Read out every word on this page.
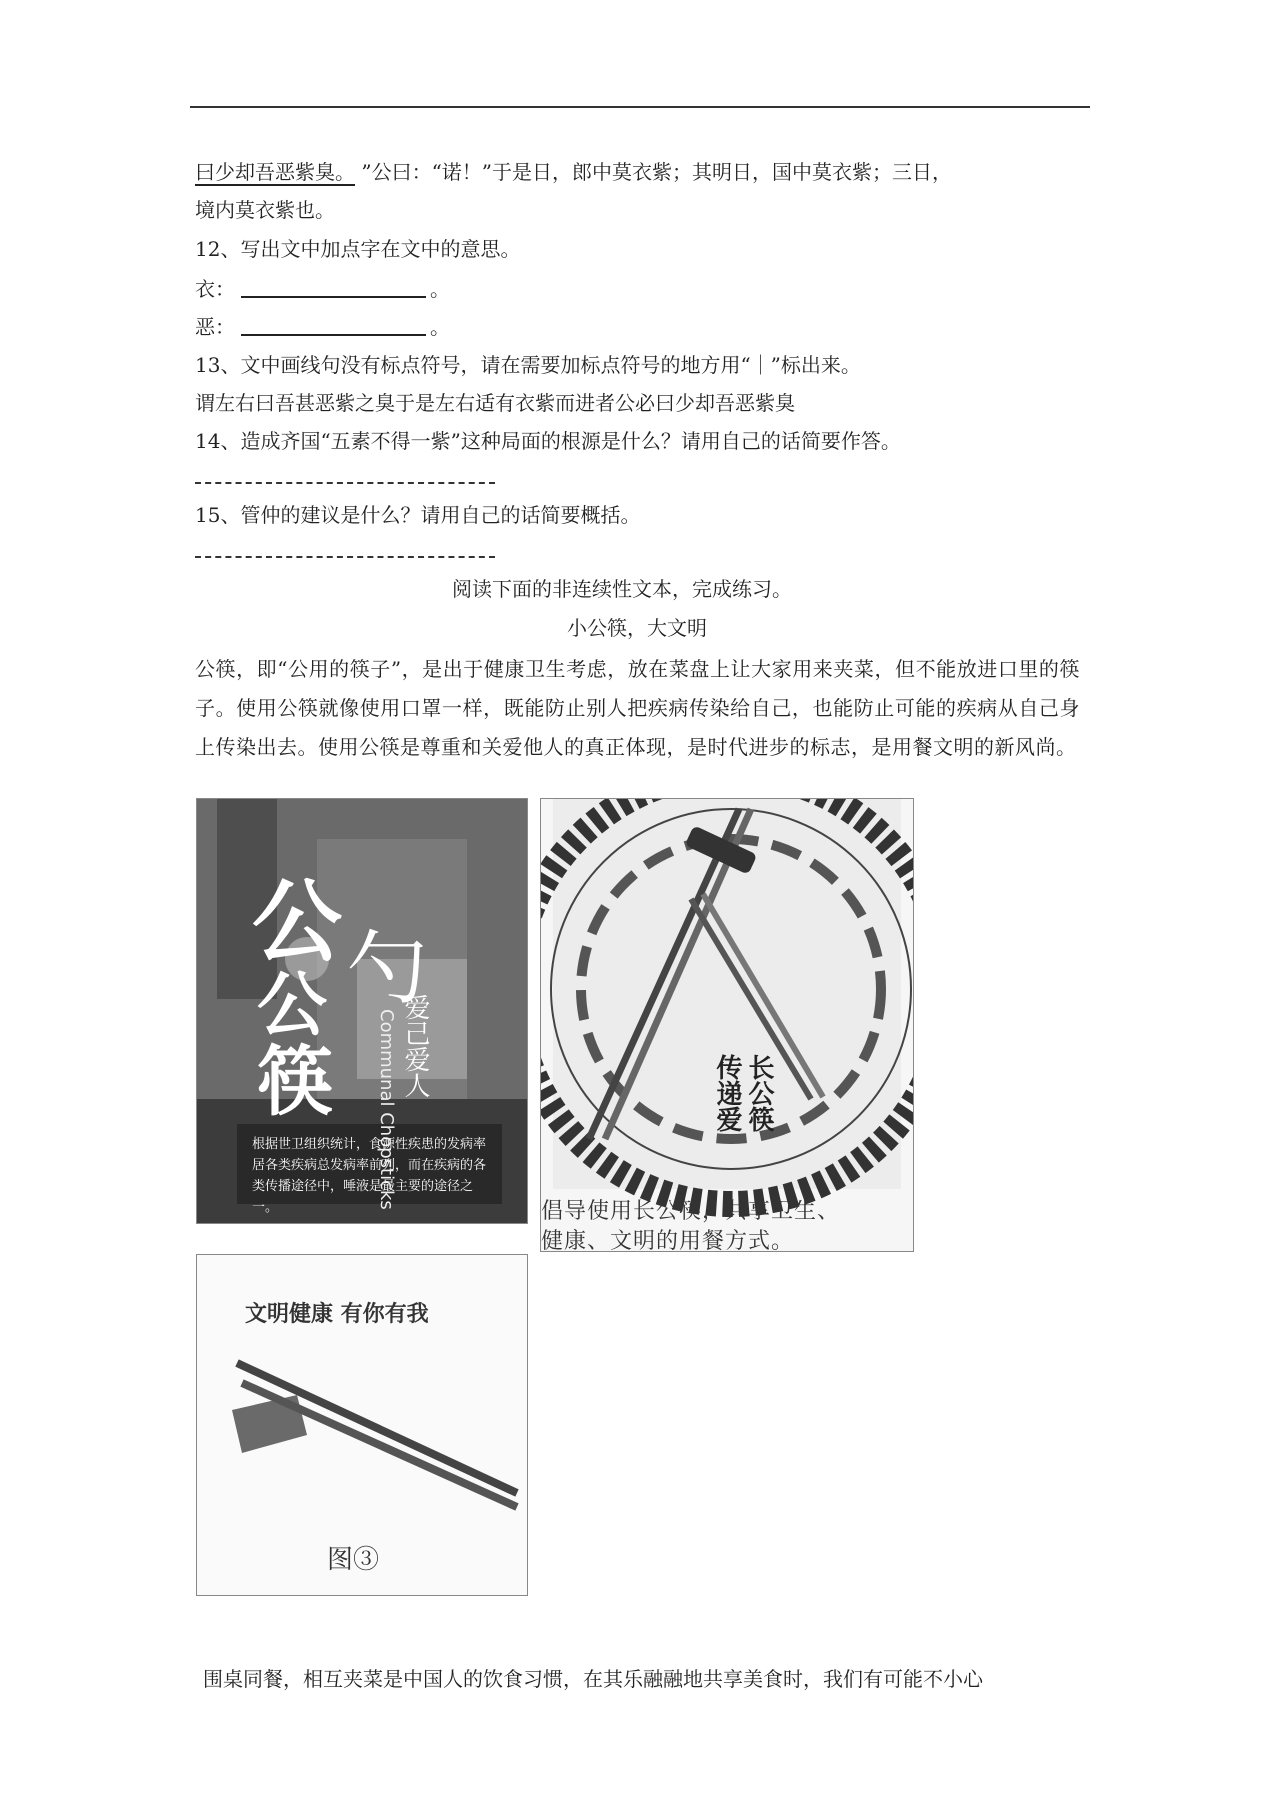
曰少却吾恶紫臭。 ”公曰：“诺！”于是日，郎中莫衣紫；其明日，国中莫衣紫；三日，
境内莫衣紫也。
12、写出文中加点字在文中的意思。
衣：	。
恶：	。
13、文中画线句没有标点符号，请在需要加标点符号的地方用“｜”标出来。
谓左右曰吾甚恶紫之臭于是左右适有衣紫而进者公必曰少却吾恶紫臭
14、造成齐国“五素不得一紫”这种局面的根源是什么？请用自己的话简要作答。
15、管仲的建议是什么？请用自己的话简要概括。
阅读下面的非连续性文本，完成练习。
小公筷，大文明
公筷，即“公用的筷子”，是出于健康卫生考虑，放在菜盘上让大家用来夹菜，但不能放进口里的筷子。使用公筷就像使用口罩一样，既能防止别人把疾病传染给自己，也能防止可能的疾病从自己身上传染出去。使用公筷是尊重和关爱他人的真正体现，是时代进步的标志，是用餐文明的新风尚。
公 勺
公
筷 Communal Chopsticks 爱己爱人
根据世卫组织统计，食源性疾患的发病率居各类疾病总发病率前列，而在疾病的各类传播途径中，唾液是最主要的途径之一。
传递爱 长公筷
倡导使用长公筷，共享卫生、
健康、文明的用餐方式。
文明健康 有你有我
图③
围桌同餐，相互夹菜是中国人的饮食习惯，在其乐融融地共享美食时，我们有可能不小心
